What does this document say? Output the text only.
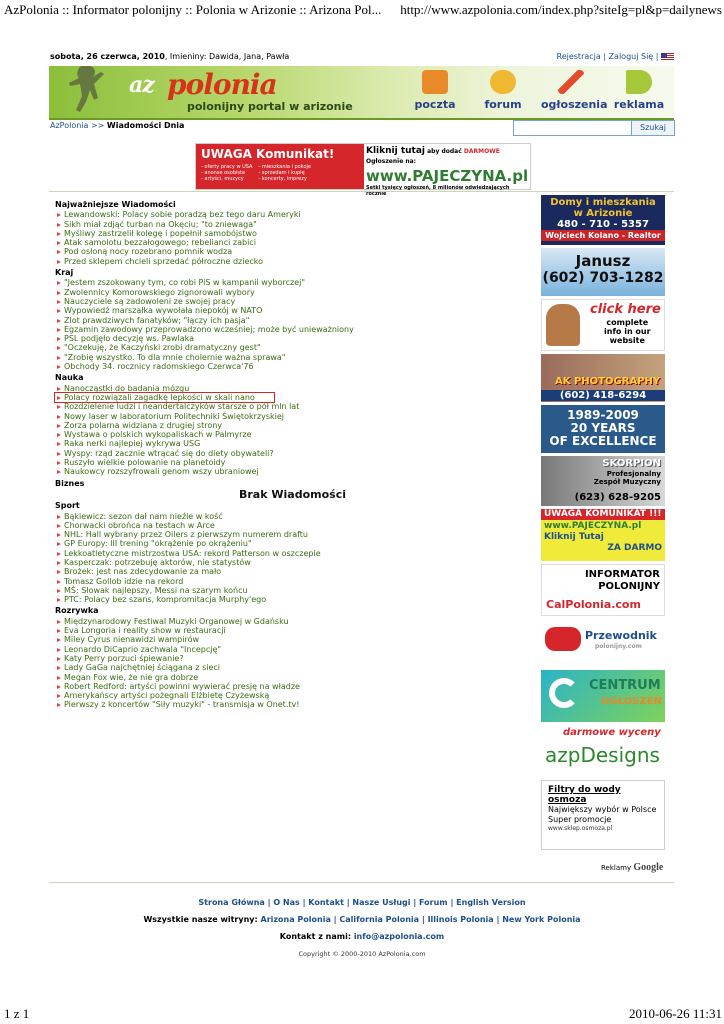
AzPolonia :: Informator polonijny :: Polonia w Arizonie :: Arizona Pol... http://www.azpolonia.com/index.php?siteIg=pl&p=dailynews
sobota, 26 czerwca, 2010, Imieniny: Dawida, Jana, Pawła	Rejestracja | Zaloguj Się |
az polonia
polonijny portal w arizonie	poczta	forum	ogłoszenia reklama
AzPolonia >> Wiadomości Dnia	Szukaj
UWAGA Komunikat!
- oferty pracy w USA
- anonse osobiste
- artyści, muzycy
- mieszkania i pokoje
- sprzedam i kupię
- koncerty, imprezy
Kliknij tutaj aby dodać DARMOWE Ogłoszenie na:
www.PAJECZYNA.pl
Setki tysięcy ogłoszeń, 8 milionów odwiedzających rocznie
Najważniejsze Wiadomości
Lewandowski: Polacy sobie poradzą bez tego daru Ameryki
Sikh miał zdjąć turban na Okęciu; "to zniewaga"
Myśliwy zastrzelił kolegę i popełnił samobójstwo
Atak samolotu bezzałogowego; rebelianci zabici
Pod osłoną nocy rozebrano pomnik wodza
Przed sklepem chcieli sprzedać półroczne dziecko
Kraj
"Jestem zszokowany tym, co robi PiS w kampanii wyborczej"
Zwolennicy Komorowskiego zignorowali wybory
Nauczyciele są zadowoleni ze swojej pracy
Wypowiedź marszałka wywołała niepokój w NATO
Zlot prawdziwych fanatyków; "łączy ich pasja"
Egzamin zawodowy przeprowadzono wcześniej; może być unieważniony
PSL podjęło decyzję ws. Pawlaka
"Oczekuję, że Kaczyński zrobi dramatyczny gest"
"Zrobię wszystko. To dla mnie cholernie ważna sprawa"
Obchody 34. rocznicy radomskiego Czerwca'76
Nauka
Nanocząstki do badania mózgu
Polacy rozwiązali zagadkę lepkości w skali nano
Rozdzielenie ludzi i neandertalczyków starsze o pół mln lat
Nowy laser w laboratorium Politechniki Świętokrzyskiej
Zorza polarna widziana z drugiej strony
Wystawa o polskich wykopaliskach w Palmyrze
Raka nerki najlepiej wykrywa USG
Wyspy: rząd zacznie wtrącać się do diety obywateli?
Ruszyło wielkie polowanie na planetoidy
Naukowcy rozszyfrowali genom wszy ubraniowej
Biznes
Brak Wiadomości
Sport
Bąkiewicz: sezon dał nam nieźle w kość
Chorwacki obrońca na testach w Arce
NHL: Hall wybrany przez Oilers z pierwszym numerem draftu
GP Europy: III trening "okrążenie po okrążeniu"
Lekkoatletyczne mistrzostwa USA: rekord Patterson w oszczepie
Kasperczak: potrzebuję aktorów, nie statystów
Brożek: jest nas zdecydowanie za mało
Tomasz Gollob idzie na rekord
MŚ: Słowak najlepszy, Messi na szarym końcu
PTC: Polacy bez szans, kompromitacja Murphy'ego
Rozrywka
Międzynarodowy Festiwal Muzyki Organowej w Gdańsku
Eva Longoria i reality show w restauracji
Miley Cyrus nienawidzi wampirów
Leonardo DiCaprio zachwala "Incepcję"
Katy Perry porzuci śpiewanie?
Lady GaGa najchętniej ściągana z sieci
Megan Fox wie, że nie gra dobrze
Robert Redford: artyści powinni wywierać presję na władze
Amerykańscy artyści pożegnali Elżbietę Czyżewską
Pierwszy z koncertów "Siły muzyki" - transmisja w Onet.tv!
Domy i mieszkania
w Arizonie
480 - 710 - 5357
Wojciech Kolano - Realtor
Janusz
(602) 703-1282
click here
complete
info in our
website
AK PHOTOGRAPHY
(602) 418-6294
1989-2009
20 YEARS
OF EXCELLENCE
SKORPION
Profesjonalny
Zespół Muzyczny
(623) 628-9205
UWAGA KOMUNIKAT !!!
www.PAJECZYNA.pl
Kliknij Tutaj
ZA DARMO
INFORMATOR
POLONIJNY
CalPolonia.com
Przewodnik
polonijny.com
CENTRUM
OGŁOSZEŃ
darmowe wyceny
azpDesigns
Filtry do wody osmoza
Największy wybór w Polsce Super promocje
www.sklep.osmoza.pl
Reklamy Google
Strona Główna | O Nas | Kontakt | Nasze Usługi | Forum | English Version
Wszystkie nasze witryny: Arizona Polonia | California Polonia | Illinois Polonia | New York Polonia
Kontakt z nami: info@azpolonia.com
Copyright © 2000-2010 AzPolonia.com
1 z 1	2010-06-26 11:31
